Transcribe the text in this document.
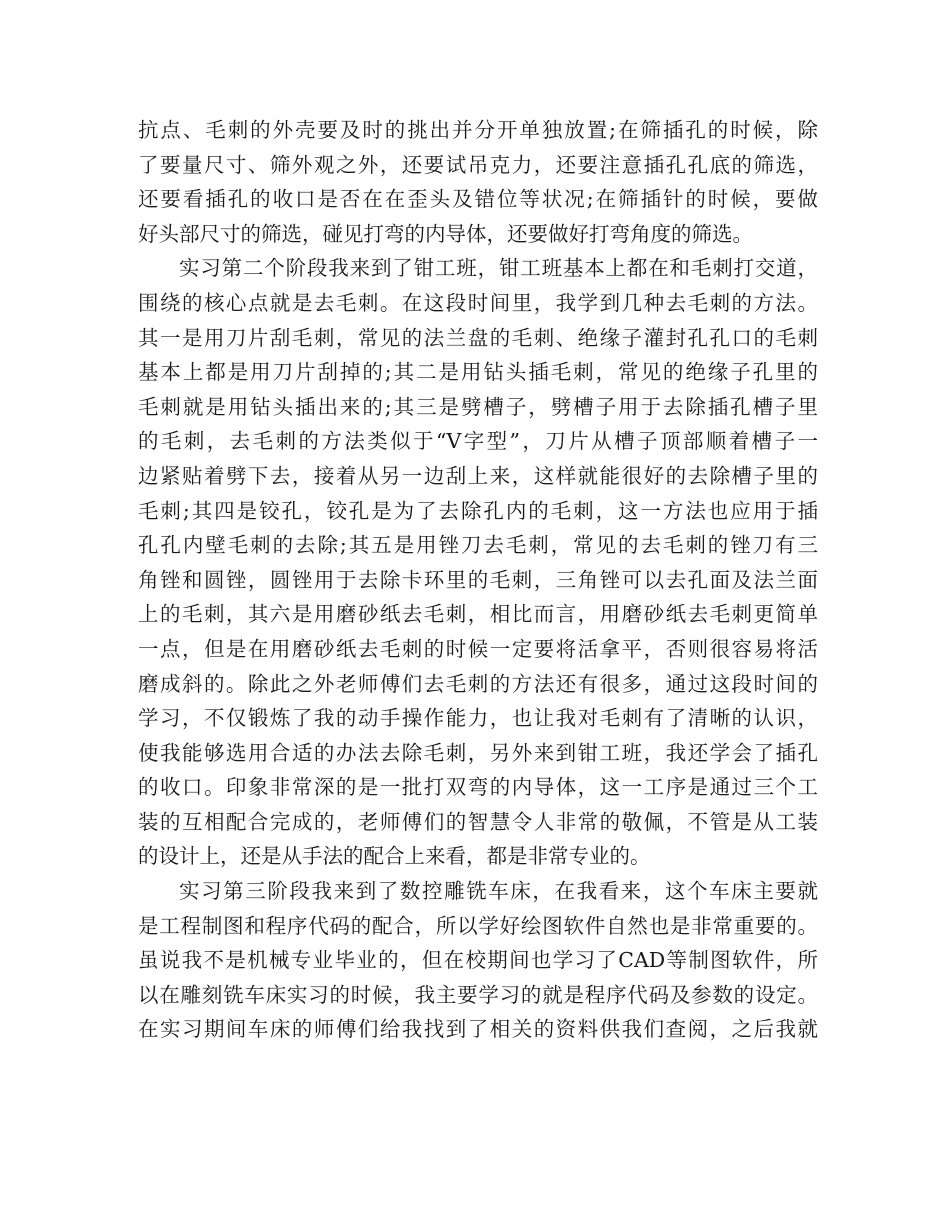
抗点、毛刺的外壳要及时的挑出并分开单独放置;在筛插孔的时候，除
了要量尺寸、筛外观之外，还要试吊克力，还要注意插孔孔底的筛选，
还要看插孔的收口是否在在歪头及错位等状况;在筛插针的时候，要做
好头部尺寸的筛选，碰见打弯的内导体，还要做好打弯角度的筛选。
实习第二个阶段我来到了钳工班，钳工班基本上都在和毛刺打交道，
围绕的核心点就是去毛刺。在这段时间里，我学到几种去毛刺的方法。
其一是用刀片刮毛刺，常见的法兰盘的毛刺、绝缘子灌封孔孔口的毛刺
基本上都是用刀片刮掉的;其二是用钻头插毛刺，常见的绝缘子孔里的
毛刺就是用钻头插出来的;其三是劈槽子，劈槽子用于去除插孔槽子里
的毛刺，去毛刺的方法类似于“V字型”，刀片从槽子顶部顺着槽子一
边紧贴着劈下去，接着从另一边刮上来，这样就能很好的去除槽子里的
毛刺;其四是铰孔，铰孔是为了去除孔内的毛刺，这一方法也应用于插
孔孔内壁毛刺的去除;其五是用锉刀去毛刺，常见的去毛刺的锉刀有三
角锉和圆锉，圆锉用于去除卡环里的毛刺，三角锉可以去孔面及法兰面
上的毛刺，其六是用磨砂纸去毛刺，相比而言，用磨砂纸去毛刺更简单
一点，但是在用磨砂纸去毛刺的时候一定要将活拿平，否则很容易将活
磨成斜的。除此之外老师傅们去毛刺的方法还有很多，通过这段时间的
学习，不仅锻炼了我的动手操作能力，也让我对毛刺有了清晰的认识，
使我能够选用合适的办法去除毛刺，另外来到钳工班，我还学会了插孔
的收口。印象非常深的是一批打双弯的内导体，这一工序是通过三个工
装的互相配合完成的，老师傅们的智慧令人非常的敬佩，不管是从工装
的设计上，还是从手法的配合上来看，都是非常专业的。
实习第三阶段我来到了数控雕铣车床，在我看来，这个车床主要就
是工程制图和程序代码的配合，所以学好绘图软件自然也是非常重要的。
虽说我不是机械专业毕业的，但在校期间也学习了CAD等制图软件，所
以在雕刻铣车床实习的时候，我主要学习的就是程序代码及参数的设定。
在实习期间车床的师傅们给我找到了相关的资料供我们查阅，之后我就
